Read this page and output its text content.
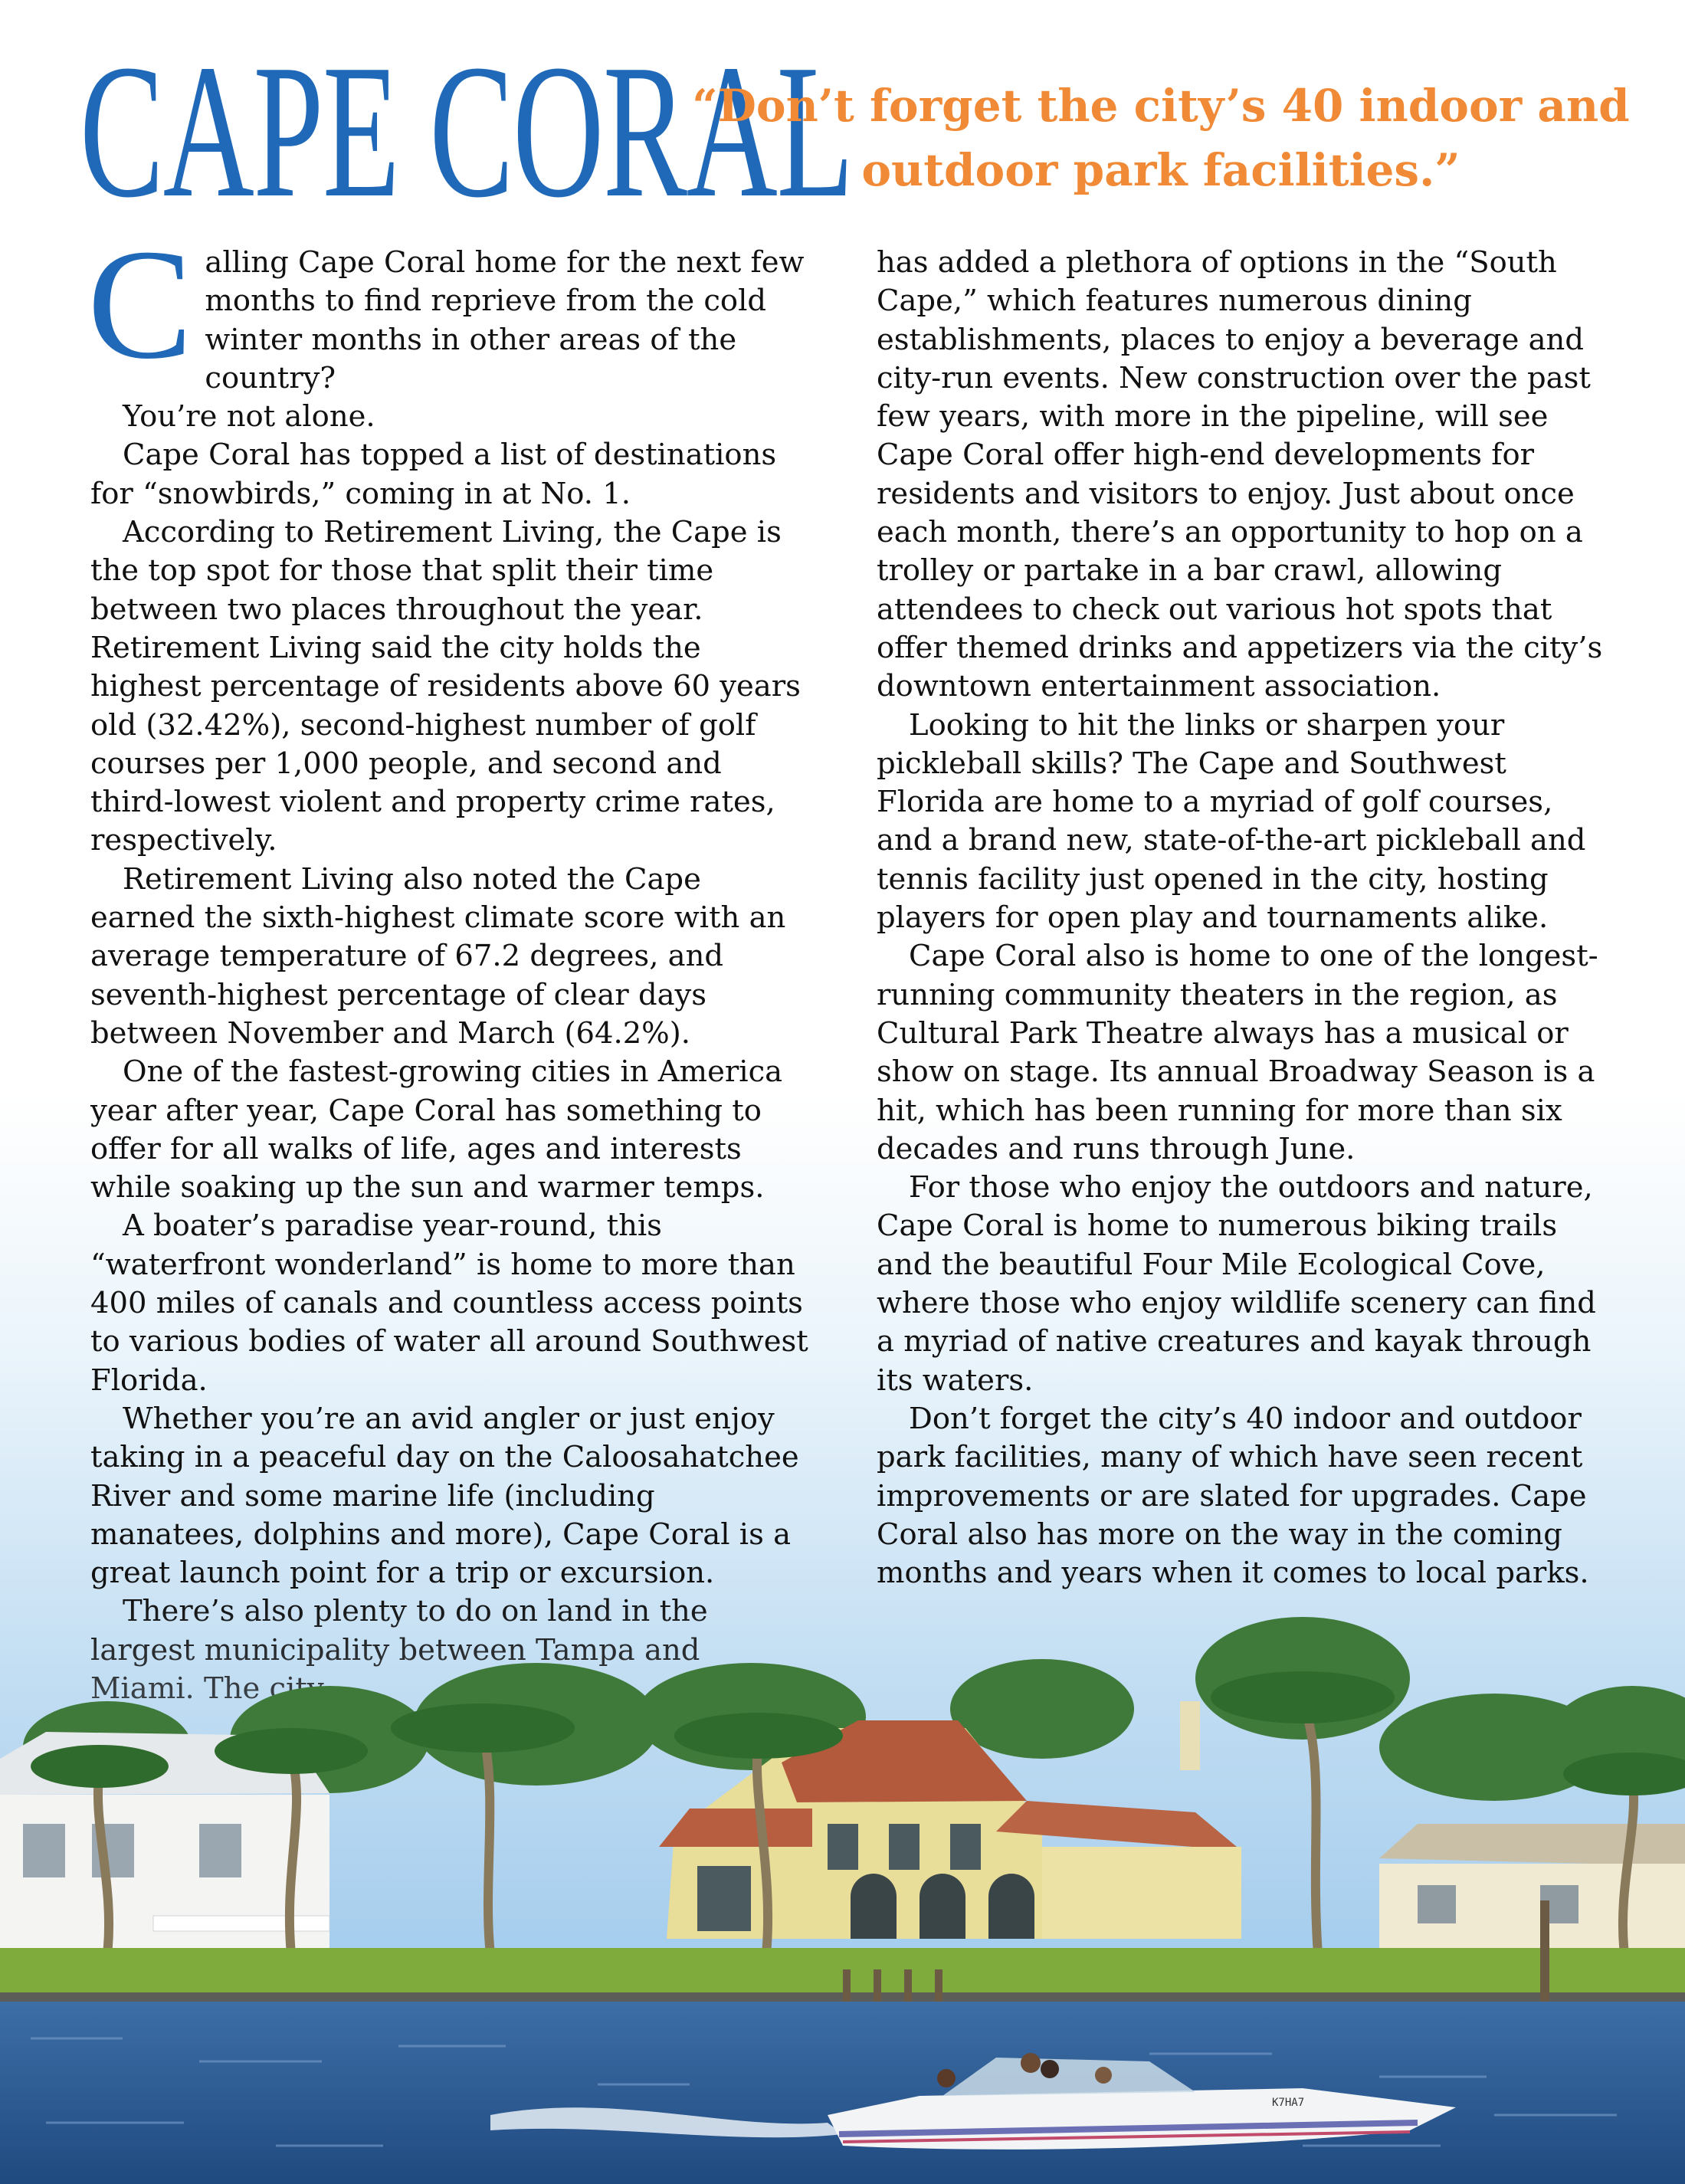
CAPE CORAL

“Don’t forget the city’s 40 indoor and outdoor park facilities.”

Calling Cape Coral home for the next few months to find reprieve from the cold winter months in other areas of the country?

You’re not alone.

Cape Coral has topped a list of destinations for “snowbirds,” coming in at No. 1.

According to Retirement Living, the Cape is the top spot for those that split their time between two places throughout the year. Retirement Living said the city holds the highest percentage of residents above 60 years old (32.42%), second-highest number of golf courses per 1,000 people, and second and third-lowest violent and property crime rates, respectively.

Retirement Living also noted the Cape earned the sixth-highest climate score with an average temperature of 67.2 degrees, and seventh-highest percentage of clear days between November and March (64.2%).

One of the fastest-growing cities in America year after year, Cape Coral has something to offer for all walks of life, ages and interests while soaking up the sun and warmer temps.

A boater’s paradise year-round, this “waterfront wonderland” is home to more than 400 miles of canals and countless access points to various bodies of water all around Southwest Florida.

Whether you’re an avid angler or just enjoy taking in a peaceful day on the Caloosahatchee River and some marine life (including manatees, dolphins and more), Cape Coral is a great launch point for a trip or excursion.

has added a plethora of options in the “South Cape,” which features numerous dining establishments, places to enjoy a beverage and city-run events. New construction over the past few years, with more in the pipeline, will see Cape Coral offer high-end developments for residents and visitors to enjoy. Just about once each month, there’s an opportunity to hop on a trolley or partake in a bar crawl, allowing attendees to check out various hot spots that offer themed drinks and appetizers via the city’s downtown entertainment association.

Looking to hit the links or sharpen your pickleball skills? The Cape and Southwest Florida are home to a myriad of golf courses, and a brand new, state-of-the-art pickleball and tennis facility just opened in the city, hosting players for open play and tournaments alike.

Cape Coral also is home to one of the longest-running community theaters in the region, as Cultural Park Theatre always has a musical or show on stage. Its annual Broadway Season is a hit, which has been running for more than six decades and runs through June.

For those who enjoy the outdoors and nature, Cape Coral is home to numerous biking trails and the beautiful Four Mile Ecological Cove, where those who enjoy wildlife scenery can find a myriad of native creatures and kayak through its waters.

Don’t forget the city’s 40 indoor and outdoor park facilities, many of which have seen recent improvements or are slated for upgrades. Cape Coral also has more on the way in the coming months and years when it comes to local parks.

K7HA7
